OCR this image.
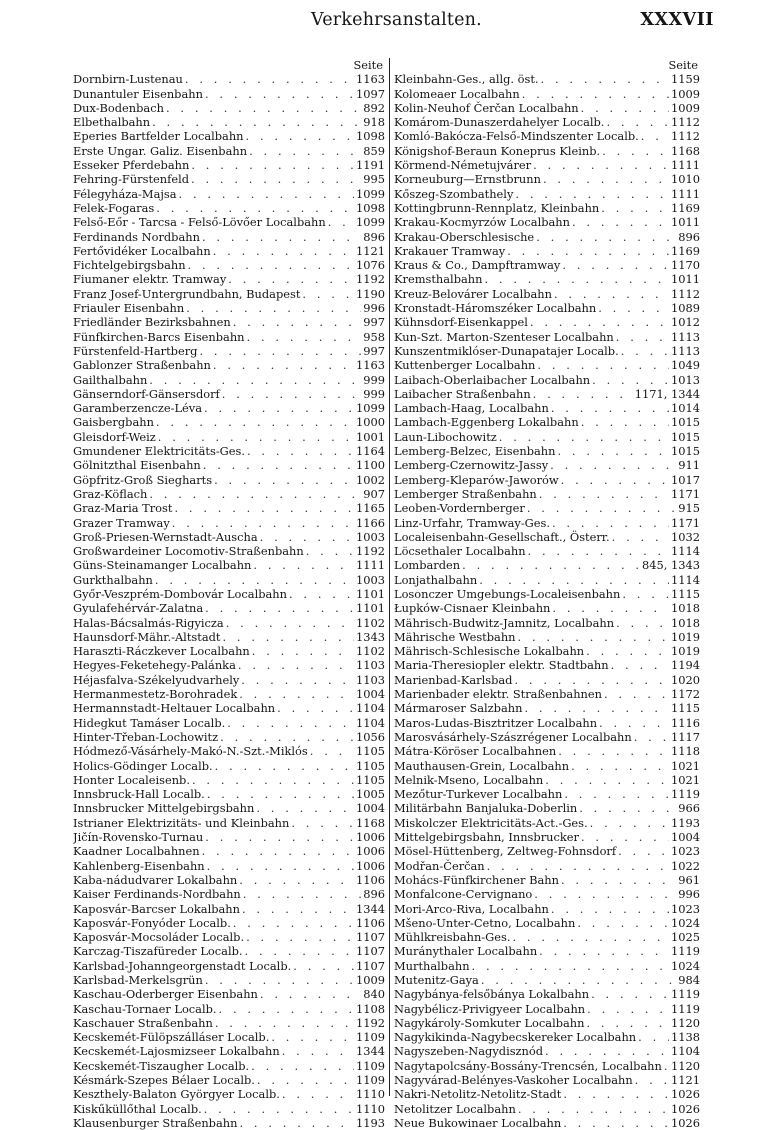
Verkehrsanstalten.	XXXVII
Seite
Dornbirn-Lustenau . . .	1163
Dunantuler Eisenbahn . . .	1097
Dux-Bodenbach . . .	892
Elbethalbahn . . .	918
Eperies Bartfelder Localbahn . . .	1098
Erste Ungar. Galiz. Eisenbahn . . .	859
Esseker Pferdebahn . . .	1191
Fehring-Fürstenfeld . . .	995
Félegyháza-Majsa . . .	1099
Felek-Fogaras . . .	1098
Felső-Eőr - Tarcsa - Felső-Lövőer Localbahn . . .	1099
Ferdinands Nordbahn . . .	896
Fertővidéker Localbahn . . .	1121
Fichtelgebirgsbahn . . .	1076
Fiumaner elektr. Tramway . . .	1192
Franz Josef-Untergrundbahn, Budapest . . .	1190
Friauler Eisenbahn . . .	996
Friedländer Bezirksbahnen . . .	997
Fünfkirchen-Barcs Eisenbahn . . .	958
Fürstenfeld-Hartberg . . .	997
Gablonzer Straßenbahn . . .	1163
Gailthalbahn . . .	999
Gänserndorf-Gänsersdorf . . .	999
Garamberzencze-Léva . . .	1099
Gaisbergbahn . . .	1000
Gleisdorf-Weiz . . .	1001
Gmundener Elektricitäts-Ges. . . .	1164
Gölnitzthal Eisenbahn . . .	1100
Göpfritz-Groß Siegharts . . .	1002
Graz-Köflach . . .	907
Graz-Maria Trost . . .	1165
Grazer Tramway . . .	1166
Groß-Priesen-Wernstadt-Auscha . . .	1003
Großwardeiner Locomotiv-Straßenbahn . . .	1192
Güns-Steinamanger Localbahn . . .	1111
Gurkthalbahn . . .	1003
Győr-Veszprém-Dombovár Localbahn . . .	1101
Gyulafehérvár-Zalatna . . .	1101
Halas-Bácsalmás-Rigyicza . . .	1102
Haunsdorf-Mähr.-Altstadt . . .	1343
Haraszti-Ráczkever Localbahn . . .	1102
Hegyes-Feketehegy-Palánka . . .	1103
Héjasfalva-Székelyudvarhely . . .	1103
Hermanmestetz-Borohradek . . .	1004
Hermannstadt-Heltauer Localbahn . . .	1104
Hidegkut Tamáser Localb. . . .	1104
Hinter-Třeban-Lochowitz . . .	1056
Hódmező-Vásárhely-Makó-N.-Szt.-Miklós . . .	1105
Holics-Gödinger Localb. . . .	1105
Honter Localeisenb. . . .	1105
Innsbruck-Hall Localb. . . .	1005
Innsbrucker Mittelgebirgsbahn . . .	1004
Istrianer Elektrizitäts- und Kleinbahn . . .	1168
Jičín-Rovensko-Turnau . . .	1006
Kaadner Localbahnen . . .	1006
Kahlenberg-Eisenbahn . . .	1006
Kaba-nádudvarer Lokalbahn . . .	1106
Kaiser Ferdinands-Nordbahn . . .	896
Kaposvár-Barcser Lokalbahn . . .	1344
Kaposvár-Fonyóder Localb. . . .	1106
Kaposvár-Mocsoláder Localb. . . .	1107
Karczag-Tiszafüreder Localb. . . .	1107
Karlsbad-Johanngeorgenstadt Localb. . . .	1107
Karlsbad-Merkelsgrün . . .	1009
Kaschau-Oderberger Eisenbahn . . .	840
Kaschau-Tornaer Localb. . . .	1108
Kaschauer Straßenbahn . . .	1192
Kecskemét-Fülöpszálláser Localb. . . .	1109
Kecskemét-Lajosmizseer Lokalbahn . . .	1344
Kecskemét-Tiszaugher Localb. . . .	1109
Késmárk-Szepes Bélaer Localb. . . .	1109
Keszthely-Balaton Györgyer Localb. . . .	1110
Kiskűküllőthal Localb. . . .	1110
Klausenburger Straßenbahn . . .	1193
Seite
Kleinbahn-Ges., allg. öst. . . .	1159
Kolomeaer Localbahn . . .	1009
Kolin-Neuhof Čerčan Localbahn . . .	1009
Komárom-Dunaszerdahelyer Localb. . . .	1112
Komló-Bakócza-Felső-Mindszenter Localb. . . .	1112
Königshof-Beraun Koneprus Kleinb. . . .	1168
Körmend-Németujvárer . . .	1111
Korneuburg—Ernstbrunn . . .	1010
Kőszeg-Szombathely . . .	1111
Kottingbrunn-Rennplatz, Kleinbahn . . .	1169
Krakau-Kocmyrzów Localbahn . . .	1011
Krakau-Oberschlesische . . .	896
Krakauer Tramway . . .	1169
Kraus & Co., Dampftramway . . .	1170
Kremsthalbahn . . .	1011
Kreuz-Belovárer Localbahn . . .	1112
Kronstadt-Háromszéker Localbahn . . .	1089
Kühnsdorf-Eisenkappel . . .	1012
Kun-Szt. Marton-Szenteser Localbahn . . .	1113
Kunszentmiklóser-Dunapatajer Localb. . . .	1113
Kuttenberger Localbahn . . .	1049
Laibach-Oberlaibacher Localbahn . . .	1013
Laibacher Straßenbahn . . .	1171, 1344
Lambach-Haag, Localbahn . . .	1014
Lambach-Eggenberg Lokalbahn . . .	1015
Laun-Libochowitz . . .	1015
Lemberg-Belzec, Eisenbahn . . .	1015
Lemberg-Czernowitz-Jassy . . .	911
Lemberg-Kleparów-Jaworów . . .	1017
Lemberger Straßenbahn . . .	1171
Leoben-Vordernberger . . .	915
Linz-Urfahr, Tramway-Ges. . . .	1171
Localeisenbahn-Gesellschaft., Österr. . . .	1032
Löcsethaler Localbahn . . .	1114
Lombarden . . .	845, 1343
Lonjathalbahn . . .	1114
Losonczer Umgebungs-Localeisenbahn . . .	1115
Łupków-Cisnaer Kleinbahn . . .	1018
Mährisch-Budwitz-Jamnitz, Localbahn . . .	1018
Mährische Westbahn . . .	1019
Mährisch-Schlesische Lokalbahn . . .	1019
Maria-Theresiopler elektr. Stadtbahn . . .	1194
Marienbad-Karlsbad . . .	1020
Marienbader elektr. Straßenbahnen . . .	1172
Mármaroser Salzbahn . . .	1115
Maros-Ludas-Bisztritzer Localbahn . . .	1116
Marosvásárhely-Szászrégener Localbahn . . .	1117
Mátra-Köröser Localbahnen . . .	1118
Mauthausen-Grein, Localbahn . . .	1021
Melnik-Mseno, Localbahn . . .	1021
Mezőtur-Turkever Localbahn . . .	1119
Militärbahn Banjaluka-Doberlin . . .	966
Miskolczer Elektricitäts-Act.-Ges. . . .	1193
Mittelgebirgsbahn, Innsbrucker . . .	1004
Mösel-Hüttenberg, Zeltweg-Fohnsdorf . . .	1023
Modřan-Čerčan . . .	1022
Mohács-Fünfkirchener Bahn . . .	961
Monfalcone-Cervignano . . .	996
Mori-Arco-Riva, Localbahn . . .	1023
Mšeno-Unter-Cetno, Localbahn . . .	1024
Mühlkreisbahn-Ges. . . .	1025
Muránythaler Localbahn . . .	1119
Murthalbahn . . .	1024
Mutenitz-Gaya . . .	984
Nagybánya-felsőbánya Lokalbahn . . .	1119
Nagybélicz-Privigyeer Localbahn . . .	1119
Nagykároly-Somkuter Localbahn . . .	1120
Nagykikinda-Nagybecskereker Localbahn . . .	1138
Nagyszeben-Nagydisznód . . .	1104
Nagytapolcsány-Bossány-Trencsén, Localbahn . . . 1120
Nagyvárad-Belényes-Vaskoher Localbahn . . .	1121
Nakri-Netolitz-Netolitz-Stadt . . .	1026
Netolitzer Localbahn . . .	1026
Neue Bukowinaer Localbahn . . .	1026
